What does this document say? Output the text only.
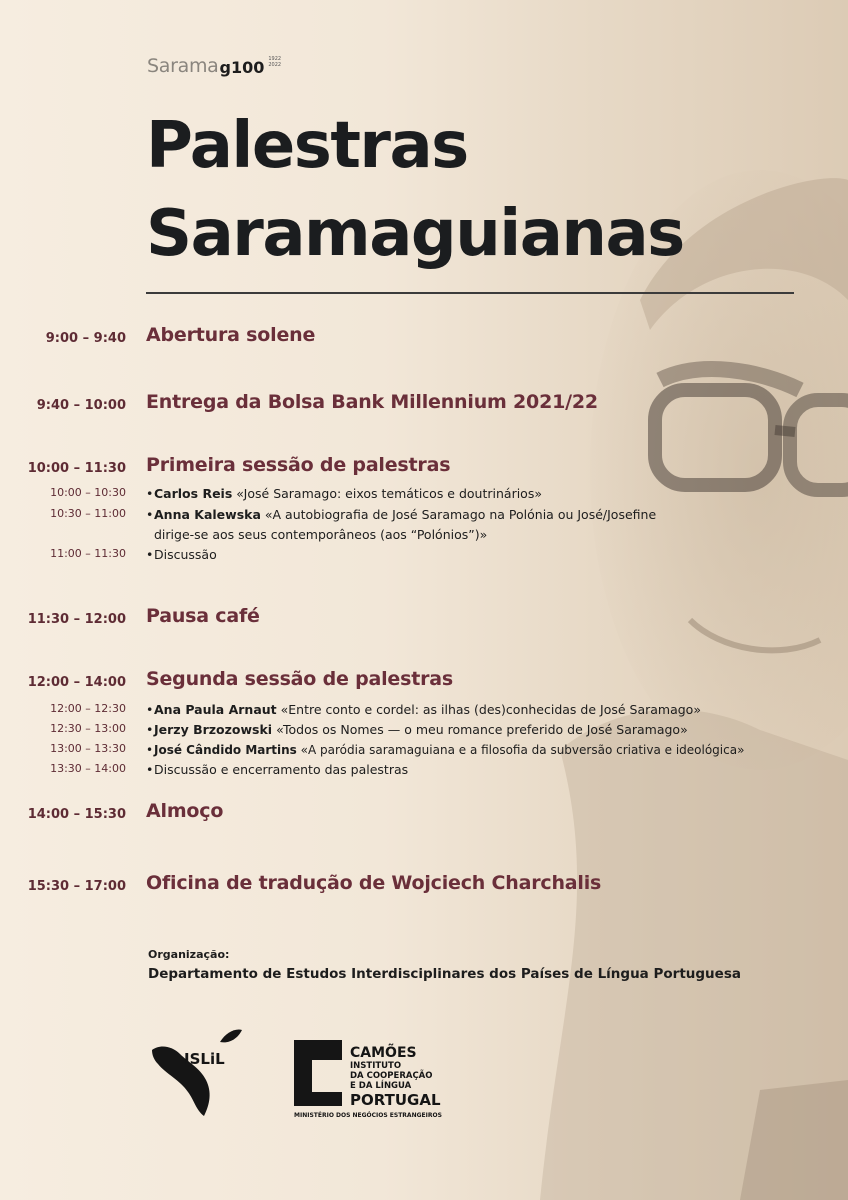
Sarama g100 1922
2022
Palestras
Saramaguianas
9:00 – 9:40 Abertura solene
9:40 – 10:00 Entrega da Bolsa Bank Millennium 2021/22
10:00 – 11:30 Primeira sessão de palestras
10:00 – 10:30 •Carlos Reis «José Saramago: eixos temáticos e doutrinários»
10:30 – 11:00 •Anna Kalewska «A autobiografia de José Saramago na Polónia ou José/Josefine
dirige-se aos seus contemporâneos (aos “Polónios”)»
11:00 – 11:30 •Discussão
11:30 – 12:00 Pausa café
12:00 – 14:00 Segunda sessão de palestras
12:00 – 12:30 •Ana Paula Arnaut «Entre conto e cordel: as ilhas (des)conhecidas de José Saramago»
12:30 – 13:00 •Jerzy Brzozowski «Todos os Nomes — o meu romance preferido de José Saramago»
13:00 – 13:30 •José Cândido Martins «A paródia saramaguiana e a filosofia da subversão criativa e ideológica»
13:30 – 14:00 •Discussão e encerramento das palestras
14:00 – 15:30 Almoço
15:30 – 17:00 Oficina de tradução de Wojciech Charchalis
Organização:
Departamento de Estudos Interdisciplinares dos Países de Língua Portuguesa
ISLiL	CAMÕES
INSTITUTO
DA COOPERAÇÃO
E DA LÍNGUA
PORTUGAL
MINISTÉRIO DOS NEGÓCIOS ESTRANGEIROS
